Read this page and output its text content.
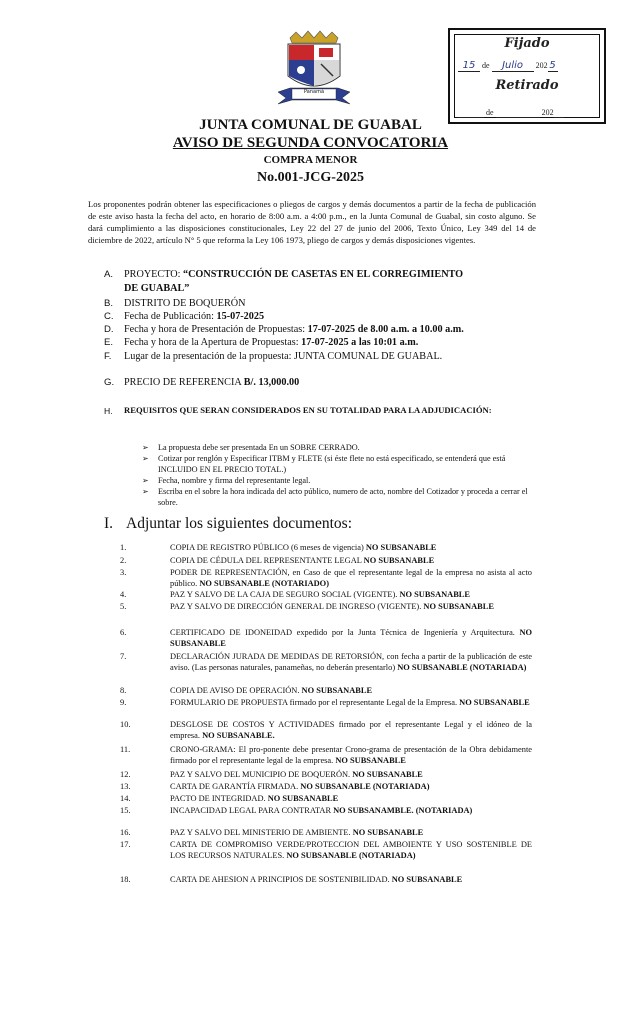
Panamá
Fijado
15 de Julio 202 5
Retirado
de	202
JUNTA COMUNAL DE GUABAL
AVISO DE SEGUNDA CONVOCATORIA
COMPRA MENOR
No.001-JCG-2025
Los proponentes podrán obtener las especificaciones o pliegos de cargos y demás documentos a partir de la fecha de publicación de este aviso hasta la fecha del acto, en horario de 8:00 a.m. a 4:00 p.m., en la Junta Comunal de Guabal, sin costo alguno. Se dará cumplimiento a las disposiciones constitucionales, Ley 22 del 27 de junio del 2006, Texto Único, Ley 349 del 14 de diciembre de 2022, artículo N° 5 que reforma la Ley 106 1973, pliego de cargos y demás disposiciones vigentes.
A. PROYECTO: “CONSTRUCCIÓN DE CASETAS EN EL CORREGIMIENTO
DE GUABAL”
B. DISTRITO DE BOQUERÓN
C. Fecha de Publicación: 15-07-2025
D. Fecha y hora de Presentación de Propuestas: 17-07-2025 de 8.00 a.m. a 10.00 a.m.
E. Fecha y hora de la Apertura de Propuestas: 17-07-2025 a las 10:01 a.m.
F. Lugar de la presentación de la propuesta: JUNTA COMUNAL DE GUABAL.
G. PRECIO DE REFERENCIA B/. 13,000.00
H.	REQUISITOS QUE SERAN CONSIDERADOS EN SU TOTALIDAD PARA LA ADJUDICACIÓN:
➢ La propuesta debe ser presentada En un SOBRE CERRADO.
➢ Cotizar por renglón y Especificar ITBM y FLETE (si éste flete no está especificado, se entenderá que está INCLUIDO EN EL PRECIO TOTAL.)
➢ Fecha, nombre y firma del representante legal.
➢ Escriba en el sobre la hora indicada del acto público, numero de acto, nombre del Cotizador y proceda a cerrar el sobre.
I. Adjuntar los siguientes documentos:
1.	COPIA DE REGISTRO PÚBLICO (6 meses de vigencia) NO SUBSANABLE
2.	COPIA DE CÉDULA DEL REPRESENTANTE LEGAL NO SUBSANABLE
3.	PODER DE REPRESENTACIÓN, en Caso de que el representante legal de la empresa no asista al acto público. NO SUBSANABLE (NOTARIADO)
4.	PAZ Y SALVO DE LA CAJA DE SEGURO SOCIAL (VIGENTE). NO SUBSANABLE
5.	PAZ Y SALVO DE DIRECCIÓN GENERAL DE INGRESO (VIGENTE). NO SUBSANABLE
6.	CERTIFICADO DE IDONEIDAD expedido por la Junta Técnica de Ingeniería y Arquitectura. NO SUBSANABLE
7.	DECLARACIÓN JURADA DE MEDIDAS DE RETORSIÓN, con fecha a partir de la publicación de este aviso. (Las personas naturales, panameñas, no deberán presentarlo) NO SUBSANABLE (NOTARIADA)
8.	COPIA DE AVISO DE OPERACIÓN. NO SUBSANABLE
9.	FORMULARIO DE PROPUESTA firmado por el representante Legal de la Empresa. NO SUBSANABLE
10.	DESGLOSE DE COSTOS Y ACTIVIDADES firmado por el representante Legal y el idóneo de la empresa. NO SUBSANABLE.
11.	CRONO-GRAMA: El pro-ponente debe presentar Crono-grama de presentación de la Obra debidamente firmado por el representante legal de la empresa. NO SUBSANABLE
12.	PAZ Y SALVO DEL MUNICIPIO DE BOQUERÓN. NO SUBSANABLE
13.	CARTA DE GARANTÍA FIRMADA. NO SUBSANABLE (NOTARIADA)
14.	PACTO DE INTEGRIDAD. NO SUBSANABLE
15.	INCAPACIDAD LEGAL PARA CONTRATAR NO SUBSANAMBLE. (NOTARIADA)
16.	PAZ Y SALVO DEL MINISTERIO DE AMBIENTE. NO SUBSANABLE
17.	CARTA DE COMPROMISO VERDE/PROTECCION DEL AMBOIENTE Y USO SOSTENIBLE DE LOS RECURSOS NATURALES. NO SUBSANABLE (NOTARIADA)
18.	CARTA DE AHESION A PRINCIPIOS DE SOSTENIBILIDAD. NO SUBSANABLE
